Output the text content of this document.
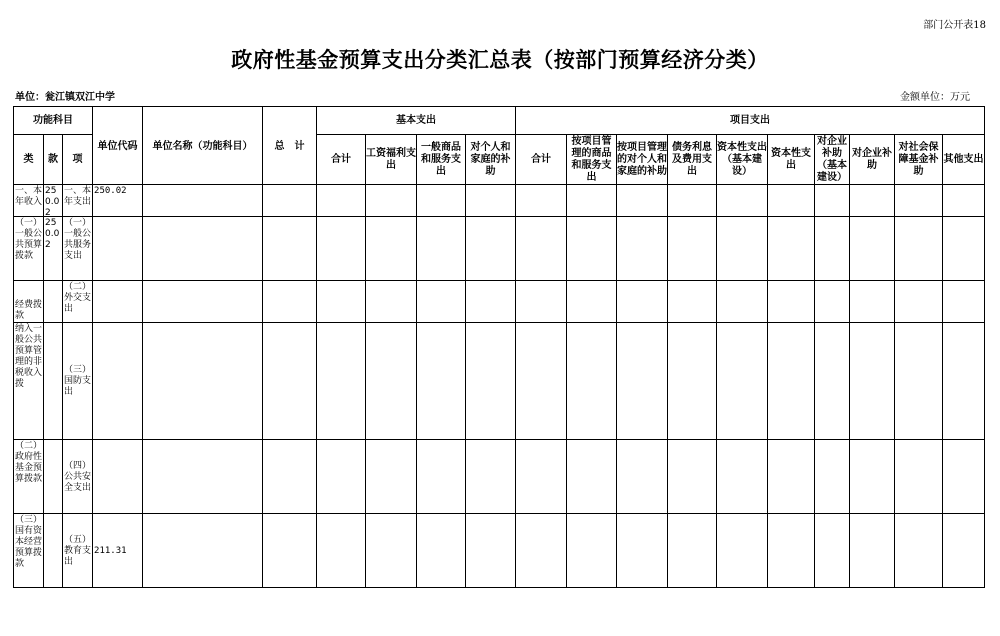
部门公开表18
政府性基金预算支出分类汇总表（按部门预算经济分类）
单位：瓮江镇双江中学	金额单位：万元
功能科目			单位代码	单位名称（功能科目）	总　计	基本支出				项目支出									
类	款	项				合计	工资福利支出	一般商品和服务支出	对个人和家庭的补助	合计	按项目管理的商品和服务支出	按项目管理的对个人和家庭的补助	债务利息及费用支出	资本性支出（基本建设）	资本性支出	对企业补助（基本建设）	对企业补助	对社会保障基金补助	其他支出

一、本年收入	250.02	一、本年支出	250.02																

（一）一般公共预算拨款	250.02	（一）一般公共服务支出																	

经费拨款		（二）外交支出																	

纳入一般公共预算管理的非税收入拨		（三）国防支出																	

（二）政府性基金预算拨款		（四）公共安全支出																	

（三）国有资本经营预算拨款		（五）教育支出	211.31																
